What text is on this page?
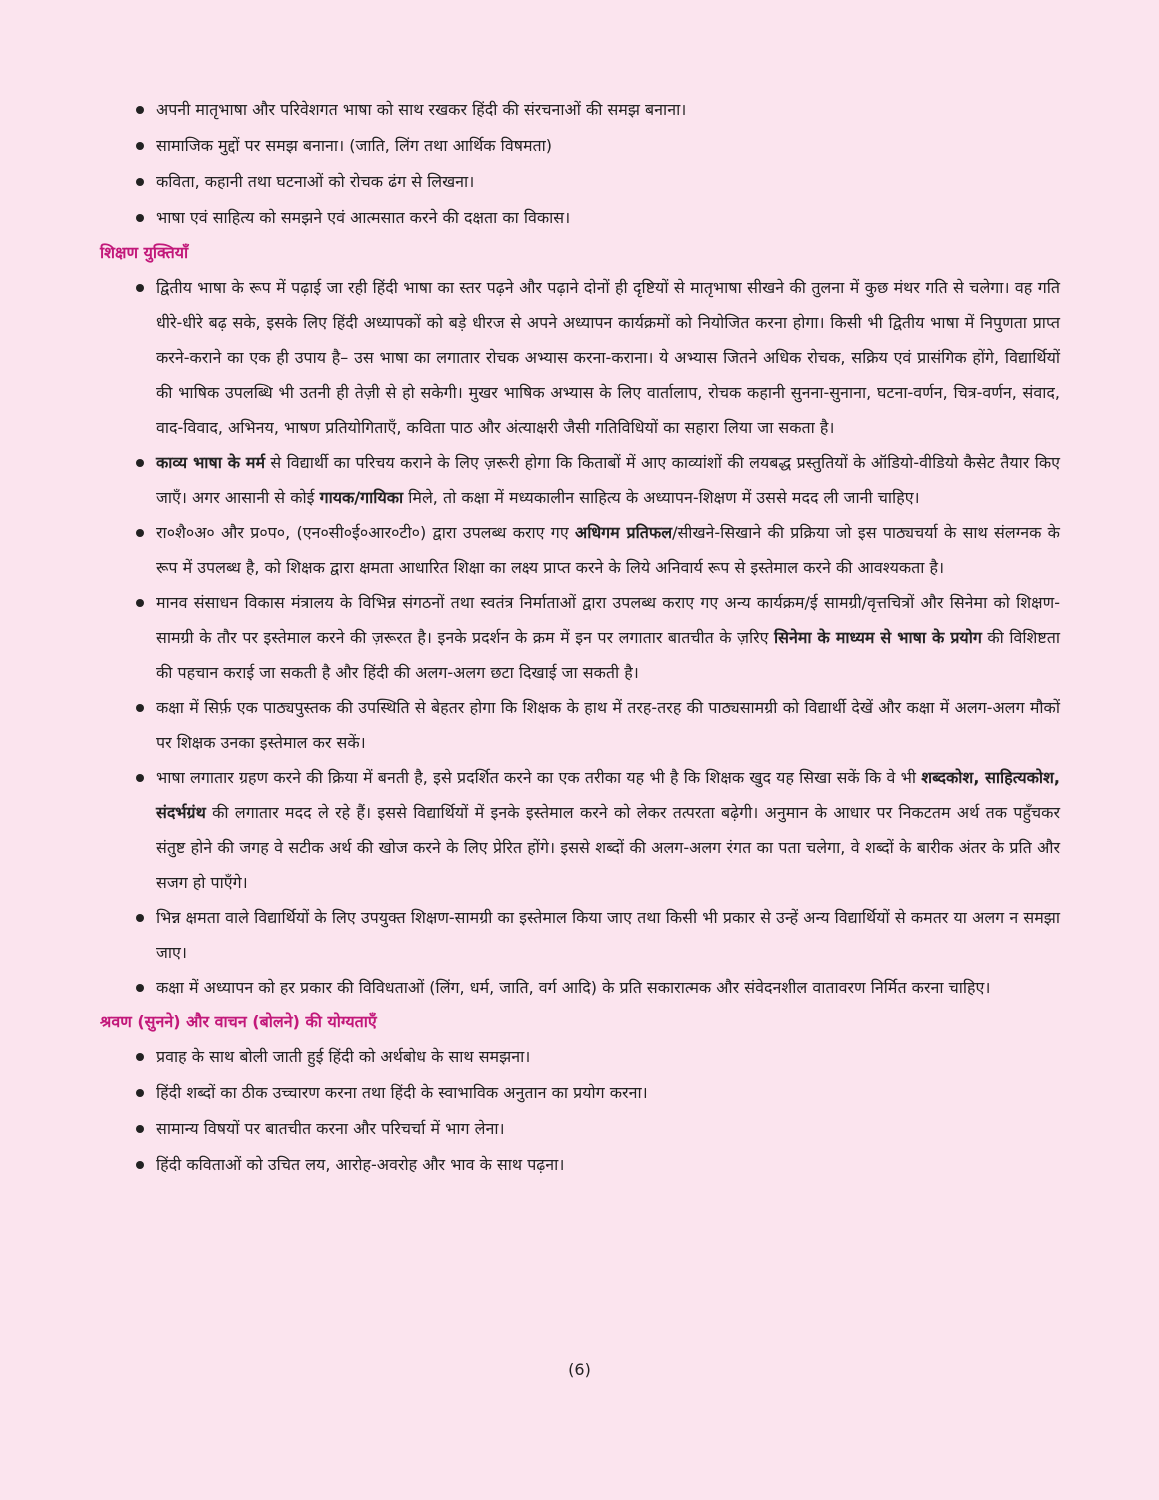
अपनी मातृभाषा और परिवेशगत भाषा को साथ रखकर हिंदी की संरचनाओं की समझ बनाना।
सामाजिक मुद्दों पर समझ बनाना। (जाति, लिंग तथा आर्थिक विषमता)
कविता, कहानी तथा घटनाओं को रोचक ढंग से लिखना।
भाषा एवं साहित्य को समझने एवं आत्मसात करने की दक्षता का विकास।
शिक्षण युक्तियाँ
द्वितीय भाषा के रूप में पढ़ाई जा रही हिंदी भाषा का स्तर पढ़ने और पढ़ाने दोनों ही दृष्टियों से मातृभाषा सीखने की तुलना में कुछ मंथर गति से चलेगा। वह गति धीरे-धीरे बढ़ सके, इसके लिए हिंदी अध्यापकों को बड़े धीरज से अपने अध्यापन कार्यक्रमों को नियोजित करना होगा। किसी भी द्वितीय भाषा में निपुणता प्राप्त करने-कराने का एक ही उपाय है– उस भाषा का लगातार रोचक अभ्यास करना-कराना। ये अभ्यास जितने अधिक रोचक, सक्रिय एवं प्रासंगिक होंगे, विद्यार्थियों की भाषिक उपलब्धि भी उतनी ही तेज़ी से हो सकेगी। मुखर भाषिक अभ्यास के लिए वार्तालाप, रोचक कहानी सुनना-सुनाना, घटना-वर्णन, चित्र-वर्णन, संवाद, वाद-विवाद, अभिनय, भाषण प्रतियोगिताएँ, कविता पाठ और अंत्याक्षरी जैसी गतिविधियों का सहारा लिया जा सकता है।
काव्य भाषा के मर्म से विद्यार्थी का परिचय कराने के लिए ज़रूरी होगा कि किताबों में आए काव्यांशों की लयबद्ध प्रस्तुतियों के ऑडियो-वीडियो कैसेट तैयार किए जाएँ। अगर आसानी से कोई गायक/गायिका मिले, तो कक्षा में मध्यकालीन साहित्य के अध्यापन-शिक्षण में उससे मदद ली जानी चाहिए।
रा०शै०अ० और प्र०प०, (एन०सी०ई०आर०टी०) द्वारा उपलब्ध कराए गए अधिगम प्रतिफल/सीखने-सिखाने की प्रक्रिया जो इस पाठ्यचर्या के साथ संलग्नक के रूप में उपलब्ध है, को शिक्षक द्वारा क्षमता आधारित शिक्षा का लक्ष्य प्राप्त करने के लिये अनिवार्य रूप से इस्तेमाल करने की आवश्यकता है।
मानव संसाधन विकास मंत्रालय के विभिन्न संगठनों तथा स्वतंत्र निर्माताओं द्वारा उपलब्ध कराए गए अन्य कार्यक्रम/ई सामग्री/वृत्तचित्रों और सिनेमा को शिक्षण-सामग्री के तौर पर इस्तेमाल करने की ज़रूरत है। इनके प्रदर्शन के क्रम में इन पर लगातार बातचीत के ज़रिए सिनेमा के माध्यम से भाषा के प्रयोग की विशिष्टता की पहचान कराई जा सकती है और हिंदी की अलग-अलग छटा दिखाई जा सकती है।
कक्षा में सिर्फ़ एक पाठ्यपुस्तक की उपस्थिति से बेहतर होगा कि शिक्षक के हाथ में तरह-तरह की पाठ्यसामग्री को विद्यार्थी देखें और कक्षा में अलग-अलग मौकों पर शिक्षक उनका इस्तेमाल कर सकें।
भाषा लगातार ग्रहण करने की क्रिया में बनती है, इसे प्रदर्शित करने का एक तरीका यह भी है कि शिक्षक खुद यह सिखा सकें कि वे भी शब्दकोश, साहित्यकोश, संदर्भग्रंथ की लगातार मदद ले रहे हैं। इससे विद्यार्थियों में इनके इस्तेमाल करने को लेकर तत्परता बढ़ेगी। अनुमान के आधार पर निकटतम अर्थ तक पहुँचकर संतुष्ट होने की जगह वे सटीक अर्थ की खोज करने के लिए प्रेरित होंगे। इससे शब्दों की अलग-अलग रंगत का पता चलेगा, वे शब्दों के बारीक अंतर के प्रति और सजग हो पाएँगे।
भिन्न क्षमता वाले विद्यार्थियों के लिए उपयुक्त शिक्षण-सामग्री का इस्तेमाल किया जाए तथा किसी भी प्रकार से उन्हें अन्य विद्यार्थियों से कमतर या अलग न समझा जाए।
कक्षा में अध्यापन को हर प्रकार की विविधताओं (लिंग, धर्म, जाति, वर्ग आदि) के प्रति सकारात्मक और संवेदनशील वातावरण निर्मित करना चाहिए।
श्रवण (सुनने) और वाचन (बोलने) की योग्यताएँ
प्रवाह के साथ बोली जाती हुई हिंदी को अर्थबोध के साथ समझना।
हिंदी शब्दों का ठीक उच्चारण करना तथा हिंदी के स्वाभाविक अनुतान का प्रयोग करना।
सामान्य विषयों पर बातचीत करना और परिचर्चा में भाग लेना।
हिंदी कविताओं को उचित लय, आरोह-अवरोह और भाव के साथ पढ़ना।
(6)
